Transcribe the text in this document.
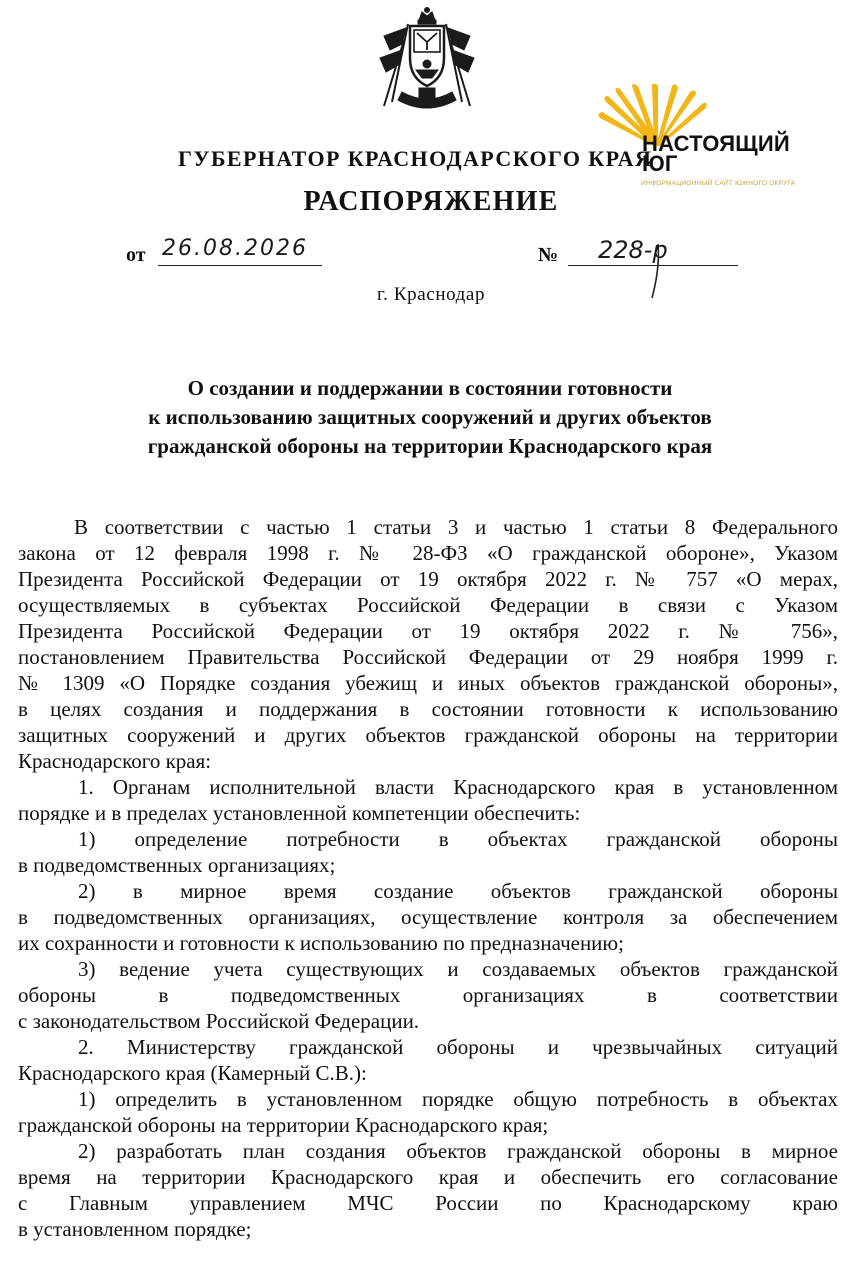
НАСТОЯЩИЙ
ЮГ
ИНФОРМАЦИОННЫЙ САЙТ ЮЖНОГО ОКРУГА
ГУБЕРНАТОР КРАСНОДАРСКОГО КРАЯ
РАСПОРЯЖЕНИЕ
от 26.08.2026	№	228-р
г. Краснодар
О создании и поддержании в состоянии готовности
к использованию защитных сооружений и других объектов
гражданской обороны на территории Краснодарского края
В соответствии с частью 1 статьи 3 и частью 1 статьи 8 Федерального
закона от 12 февраля 1998 г. № 28-ФЗ «О гражданской обороне», Указом
Президента Российской Федерации от 19 октября 2022 г. № 757 «О мерах,
осуществляемых в субъектах Российской Федерации в связи с Указом
Президента Российской Федерации от 19 октября 2022 г. № 756»,
постановлением Правительства Российской Федерации от 29 ноября 1999 г.
№ 1309 «О Порядке создания убежищ и иных объектов гражданской обороны»,
в целях создания и поддержания в состоянии готовности к использованию
защитных сооружений и других объектов гражданской обороны на территории
Краснодарского края:
1. Органам исполнительной власти Краснодарского края в установленном
порядке и в пределах установленной компетенции обеспечить:
1) определение потребности в объектах гражданской обороны
в подведомственных организациях;
2) в мирное время создание объектов гражданской обороны
в подведомственных организациях, осуществление контроля за обеспечением
их сохранности и готовности к использованию по предназначению;
3) ведение учета существующих и создаваемых объектов гражданской
обороны в подведомственных организациях в соответствии
с законодательством Российской Федерации.
2. Министерству гражданской обороны и чрезвычайных ситуаций
Краснодарского края (Камерный С.В.):
1) определить в установленном порядке общую потребность в объектах
гражданской обороны на территории Краснодарского края;
2) разработать план создания объектов гражданской обороны в мирное
время на территории Краснодарского края и обеспечить его согласование
с Главным управлением МЧС России по Краснодарскому краю
в установленном порядке;
